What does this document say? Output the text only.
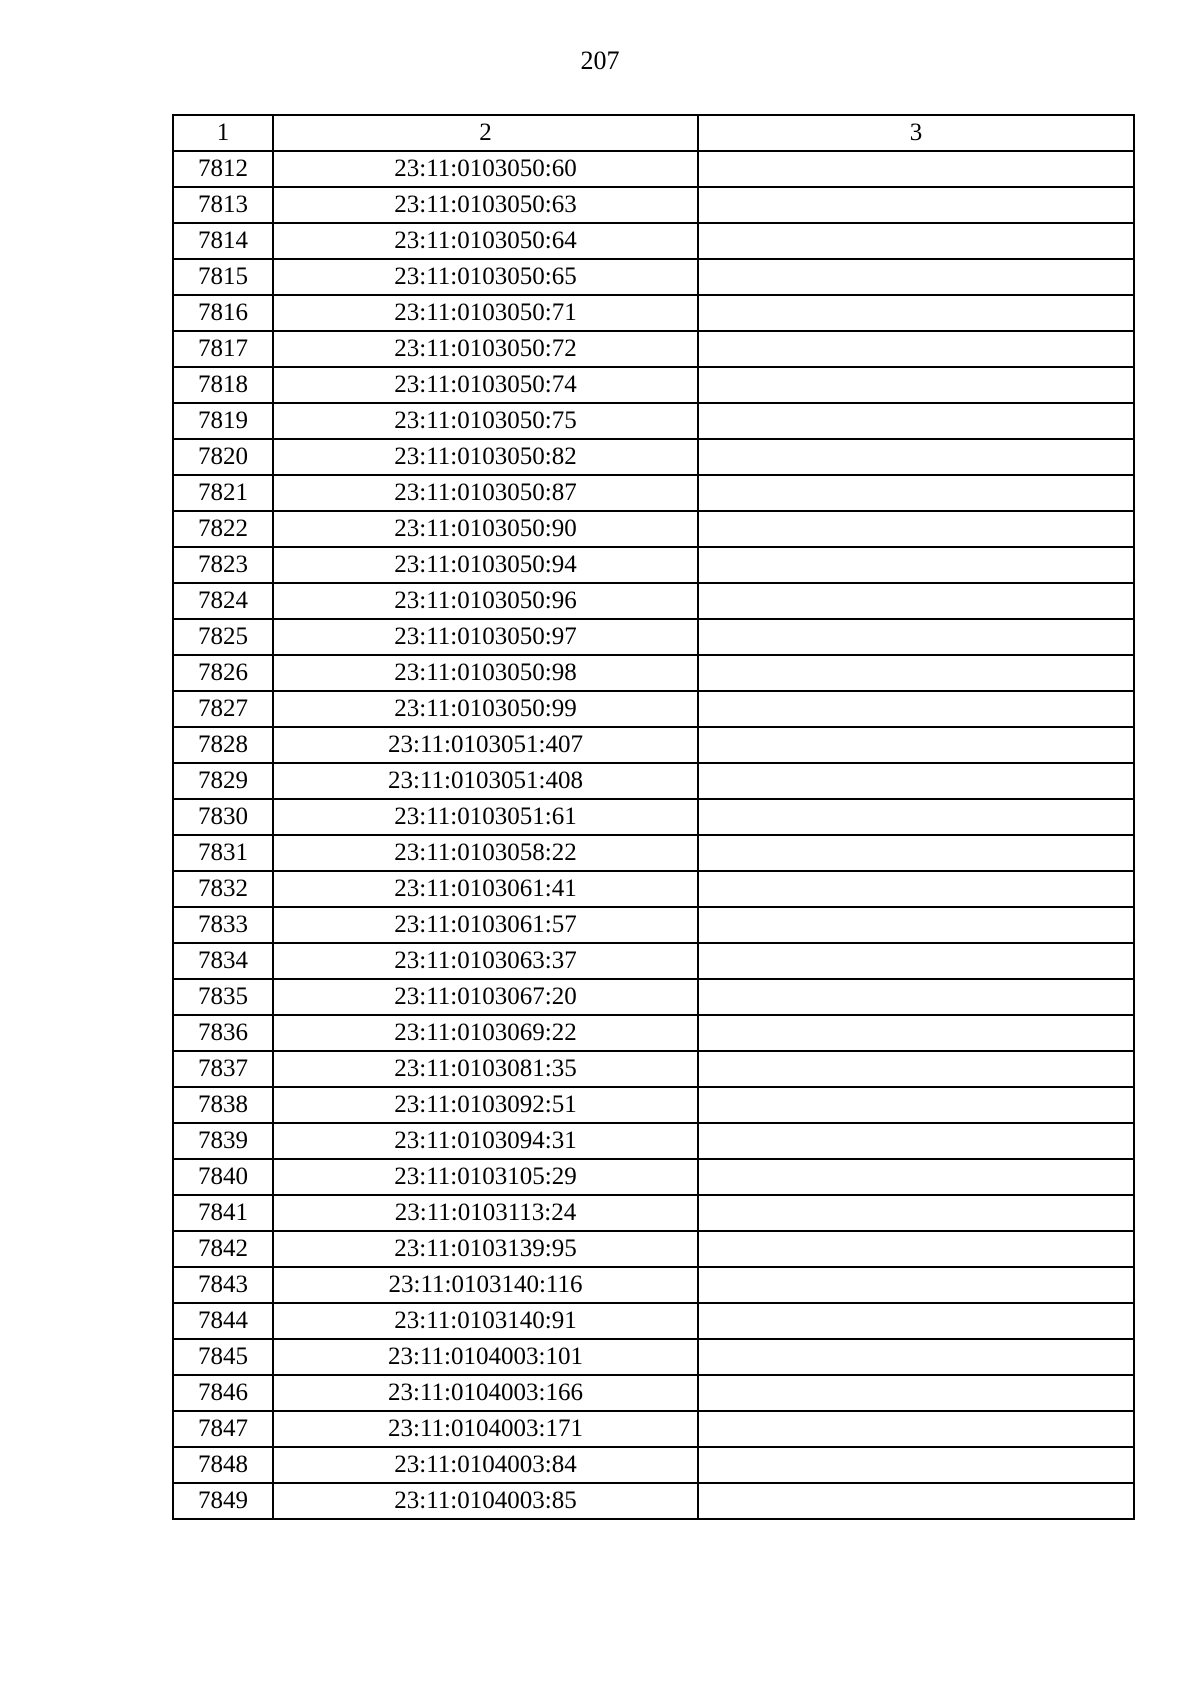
207
1	2	3
7812	23:11:0103050:60	
7813	23:11:0103050:63	
7814	23:11:0103050:64	
7815	23:11:0103050:65	
7816	23:11:0103050:71	
7817	23:11:0103050:72	
7818	23:11:0103050:74	
7819	23:11:0103050:75	
7820	23:11:0103050:82	
7821	23:11:0103050:87	
7822	23:11:0103050:90	
7823	23:11:0103050:94	
7824	23:11:0103050:96	
7825	23:11:0103050:97	
7826	23:11:0103050:98	
7827	23:11:0103050:99	
7828	23:11:0103051:407	
7829	23:11:0103051:408	
7830	23:11:0103051:61	
7831	23:11:0103058:22	
7832	23:11:0103061:41	
7833	23:11:0103061:57	
7834	23:11:0103063:37	
7835	23:11:0103067:20	
7836	23:11:0103069:22	
7837	23:11:0103081:35	
7838	23:11:0103092:51	
7839	23:11:0103094:31	
7840	23:11:0103105:29	
7841	23:11:0103113:24	
7842	23:11:0103139:95	
7843	23:11:0103140:116	
7844	23:11:0103140:91	
7845	23:11:0104003:101	
7846	23:11:0104003:166	
7847	23:11:0104003:171	
7848	23:11:0104003:84	
7849	23:11:0104003:85	
